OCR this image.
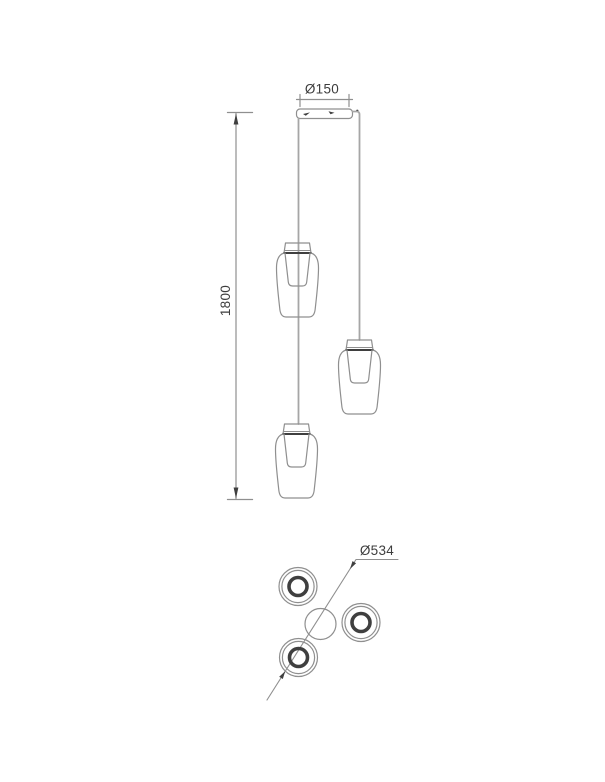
Ø150
1800
Ø534
